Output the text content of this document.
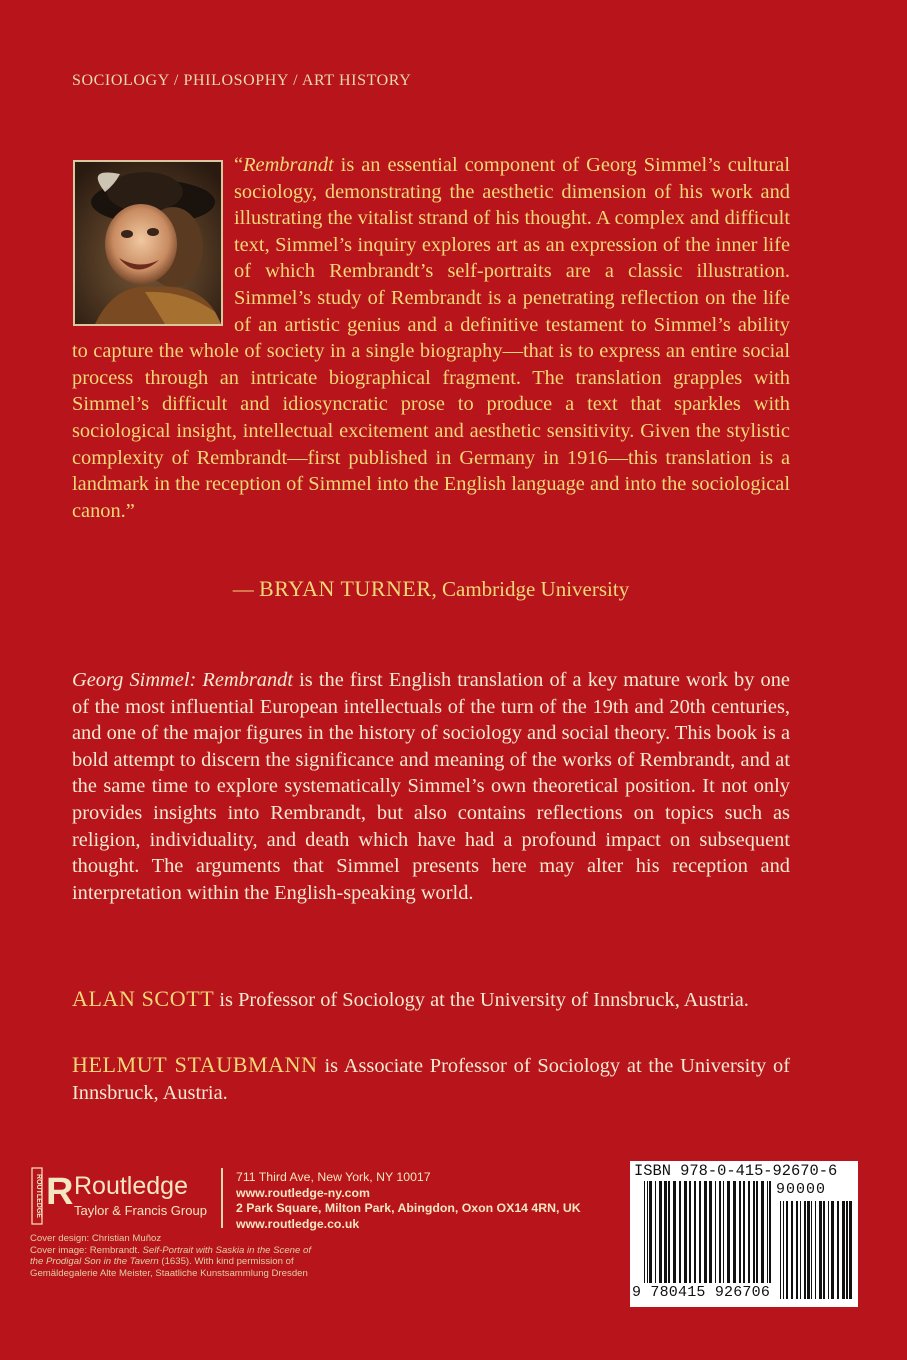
SOCIOLOGY / PHILOSOPHY / ART HISTORY
“Rembrandt is an essential component of Georg Simmel’s cultural sociology, demonstrating the aesthetic dimension of his work and illustrating the vitalist strand of his thought. A complex and difficult text, Simmel’s inquiry explores art as an expression of the inner life of which Rembrandt’s self-portraits are a classic illustration. Simmel’s study of Rembrandt is a penetrating reflection on the life of an artistic genius and a definitive testament to Simmel’s ability to capture the whole of society in a single biography—that is to express an entire social process through an intricate biographical fragment. The translation grapples with Simmel’s difficult and idiosyncratic prose to produce a text that sparkles with sociological insight, intellectual excitement and aesthetic sensitivity. Given the stylistic complexity of Rembrandt—first published in Germany in 1916—this translation is a landmark in the reception of Simmel into the English language and into the sociological canon.”
— BRYAN TURNER, Cambridge University
Georg Simmel: Rembrandt is the first English translation of a key mature work by one of the most influential European intellectuals of the turn of the 19th and 20th centuries, and one of the major figures in the history of sociology and social theory. This book is a bold attempt to discern the significance and meaning of the works of Rembrandt, and at the same time to explore systematically Simmel’s own theoretical position. It not only provides insights into Rembrandt, but also contains reflections on topics such as religion, individuality, and death which have had a profound impact on subsequent thought. The arguments that Simmel presents here may alter his reception and interpretation within the English-speaking world.
ALAN SCOTT is Professor of Sociology at the University of Innsbruck, Austria.
HELMUT STAUBMANN is Associate Professor of Sociology at the University of Innsbruck, Austria.
ROUTLEDGE R Routledge
Taylor & Francis Group
711 Third Ave, New York, NY 10017
www.routledge-ny.com
2 Park Square, Milton Park, Abingdon, Oxon OX14 4RN, UK
www.routledge.co.uk
Cover design: Christian Muñoz
Cover image: Rembrandt. Self-Portrait with Saskia in the Scene of the Prodigal Son in the Tavern (1635). With kind permission of Gemäldegalerie Alte Meister, Staatliche Kunstsammlung Dresden
ISBN 978-0-415-92670-6
90000
9 780415 926706
